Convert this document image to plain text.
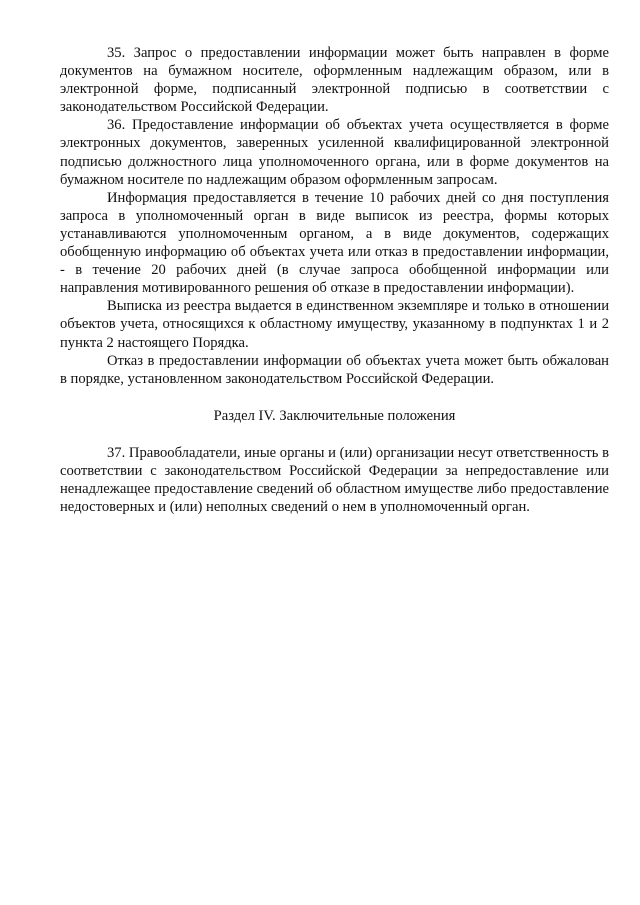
35. Запрос о предоставлении информации может быть направлен в форме документов на бумажном носителе, оформленным надлежащим образом, или в электронной форме, подписанный электронной подписью в соответствии с законодательством Российской Федерации.

36. Предоставление информации об объектах учета осуществляется в форме электронных документов, заверенных усиленной квалифицированной электронной подписью должностного лица уполномоченного органа, или в форме документов на бумажном носителе по надлежащим образом оформленным запросам.

Информация предоставляется в течение 10 рабочих дней со дня поступления запроса в уполномоченный орган в виде выписок из реестра, формы которых устанавливаются уполномоченным органом, а в виде документов, содержащих обобщенную информацию об объектах учета или отказ в предоставлении информации, - в течение 20 рабочих дней (в случае запроса обобщенной информации или направления мотивированного решения об отказе в предоставлении информации).

Выписка из реестра выдается в единственном экземпляре и только в отношении объектов учета, относящихся к областному имуществу, указанному в подпунктах 1 и 2 пункта 2 настоящего Порядка.

Отказ в предоставлении информации об объектах учета может быть обжалован в порядке, установленном законодательством Российской Федерации.

Раздел IV. Заключительные положения

37. Правообладатели, иные органы и (или) организации несут ответственность в соответствии с законодательством Российской Федерации за непредоставление или ненадлежащее предоставление сведений об областном имуществе либо предоставление недостоверных и (или) неполных сведений о нем в уполномоченный орган.
